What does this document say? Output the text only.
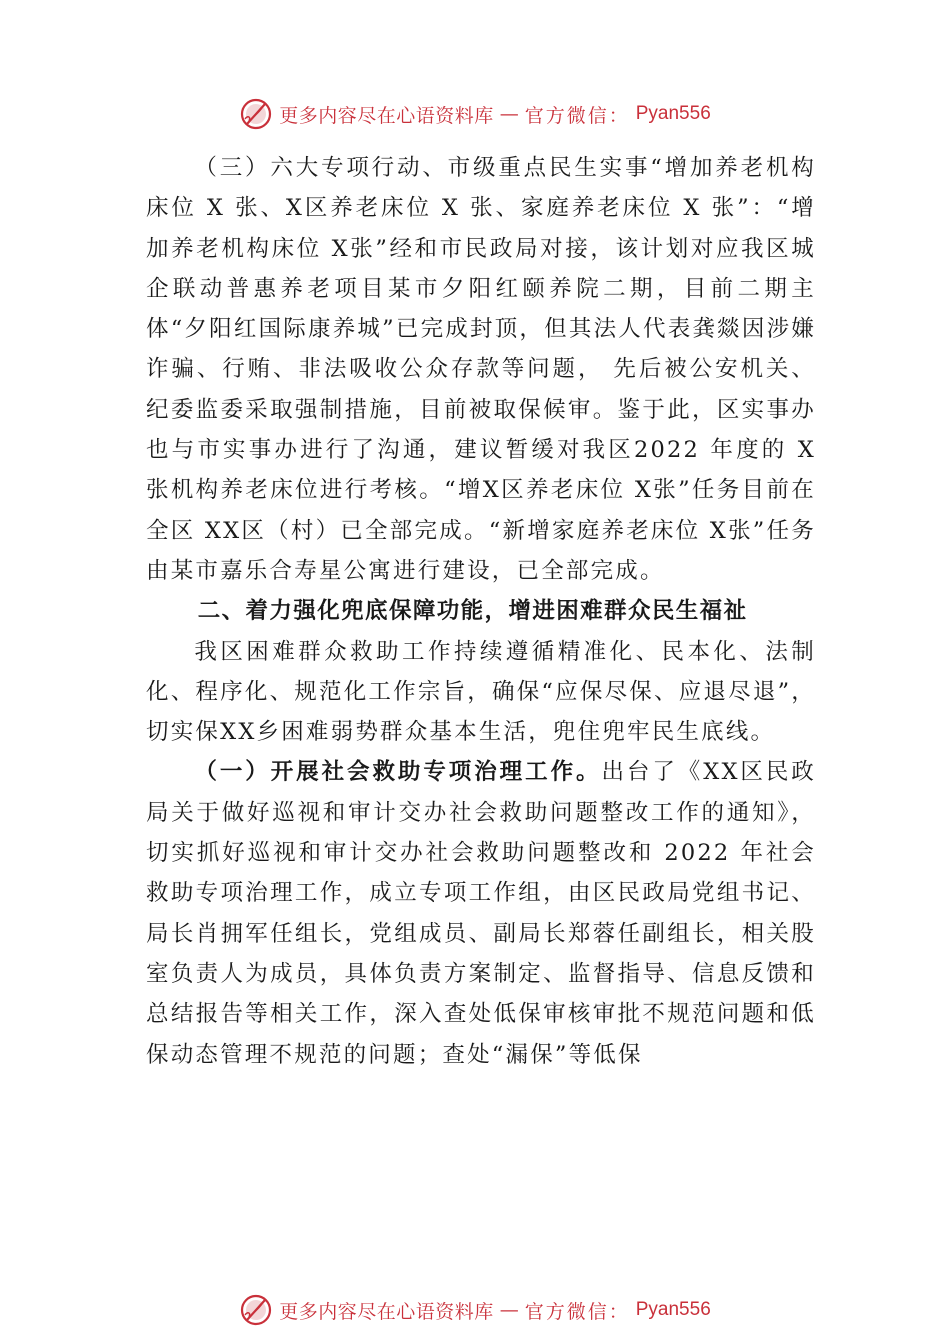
更多内容尽在心语资料库 — 官方微信： Pyan556

（三）六大专项行动、市级重点民生实事“增加养老机构床位 X 张、X区养老床位 X 张、家庭养老床位 X 张”：“增加养老机构床位 X张”经和市民政局对接，该计划对应我区城企联动普惠养老项目某市夕阳红颐养院二期，目前二期主体“夕阳红国际康养城”已完成封顶，但其法人代表龚燚因涉嫌诈骗、行贿、非法吸收公众存款等问题， 先后被公安机关、纪委监委采取强制措施，目前被取保候审。鉴于此，区实事办也与市实事办进行了沟通，建议暂缓对我区2022 年度的 X 张机构养老床位进行考核。“增X区养老床位 X张”任务目前在全区 XX区（村）已全部完成。“新增家庭养老床位 X张”任务由某市嘉乐合寿星公寓进行建设，已全部完成。

二、着力强化兜底保障功能，增进困难群众民生福祉

我区困难群众救助工作持续遵循精准化、民本化、法制化、程序化、规范化工作宗旨，确保“应保尽保、应退尽退”，切实保XX乡困难弱势群众基本生活，兜住兜牢民生底线。

（一）开展社会救助专项治理工作。出台了《XX区民政局关于做好巡视和审计交办社会救助问题整改工作的通知》，切实抓好巡视和审计交办社会救助问题整改和 2022 年社会救助专项治理工作，成立专项工作组，由区民政局党组书记、局长肖拥军任组长，党组成员、副局长郑蓉任副组长，相关股室负责人为成员，具体负责方案制定、监督指导、信息反馈和总结报告等相关工作，深入查处低保审核审批不规范问题和低保动态管理不规范的问题；查处“漏保”等低保

更多内容尽在心语资料库 — 官方微信： Pyan556
